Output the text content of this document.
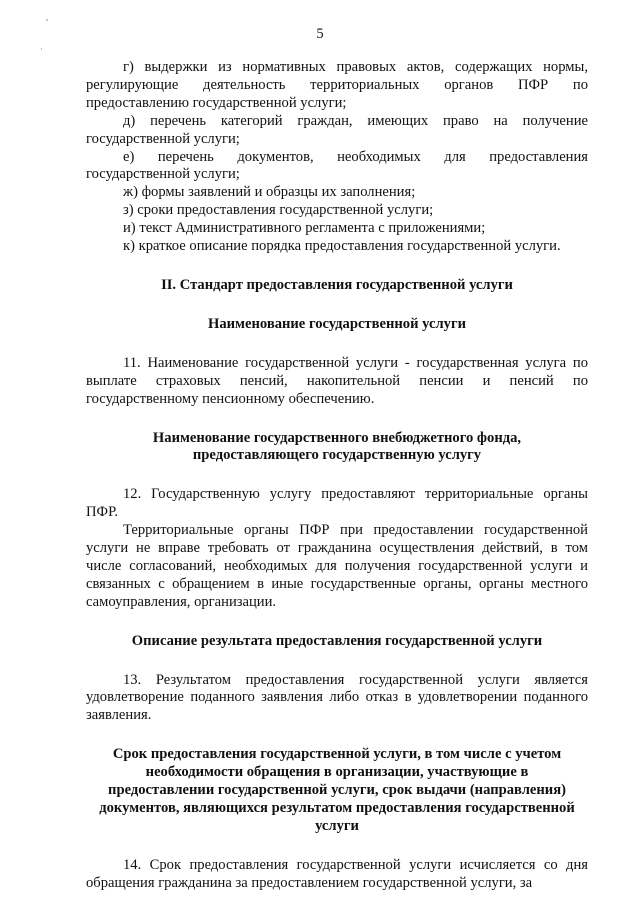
,
·
5

г) выдержки из нормативных правовых актов, содержащих нормы, регулирующие деятельность территориальных органов ПФР по предоставлению государственной услуги;

д) перечень категорий граждан, имеющих право на получение государственной услуги;

е) перечень документов, необходимых для предоставления государственной услуги;

ж) формы заявлений и образцы их заполнения;

з) сроки предоставления государственной услуги;

и) текст Административного регламента с приложениями;

к) краткое описание порядка предоставления государственной услуги.

II. Стандарт предоставления государственной услуги
Наименование государственной услуги

11. Наименование государственной услуги - государственная услуга по выплате страховых пенсий, накопительной пенсии и пенсий по государственному пенсионному обеспечению.

Наименование государственного внебюджетного фонда,
предоставляющего государственную услугу

12. Государственную услугу предоставляют территориальные органы ПФР.

Территориальные органы ПФР при предоставлении государственной услуги не вправе требовать от гражданина осуществления действий, в том числе согласований, необходимых для получения государственной услуги и связанных с обращением в иные государственные органы, органы местного самоуправления, организации.

Описание результата предоставления государственной услуги

13. Результатом предоставления государственной услуги является удовлетворение поданного заявления либо отказ в удовлетворении поданного заявления.

Срок предоставления государственной услуги, в том числе с учетом
необходимости обращения в организации, участвующие в
предоставлении государственной услуги, срок выдачи (направления)
документов, являющихся результатом предоставления государственной
услуги

14. Срок предоставления государственной услуги исчисляется со дня обращения гражданина за предоставлением государственной услуги, за
